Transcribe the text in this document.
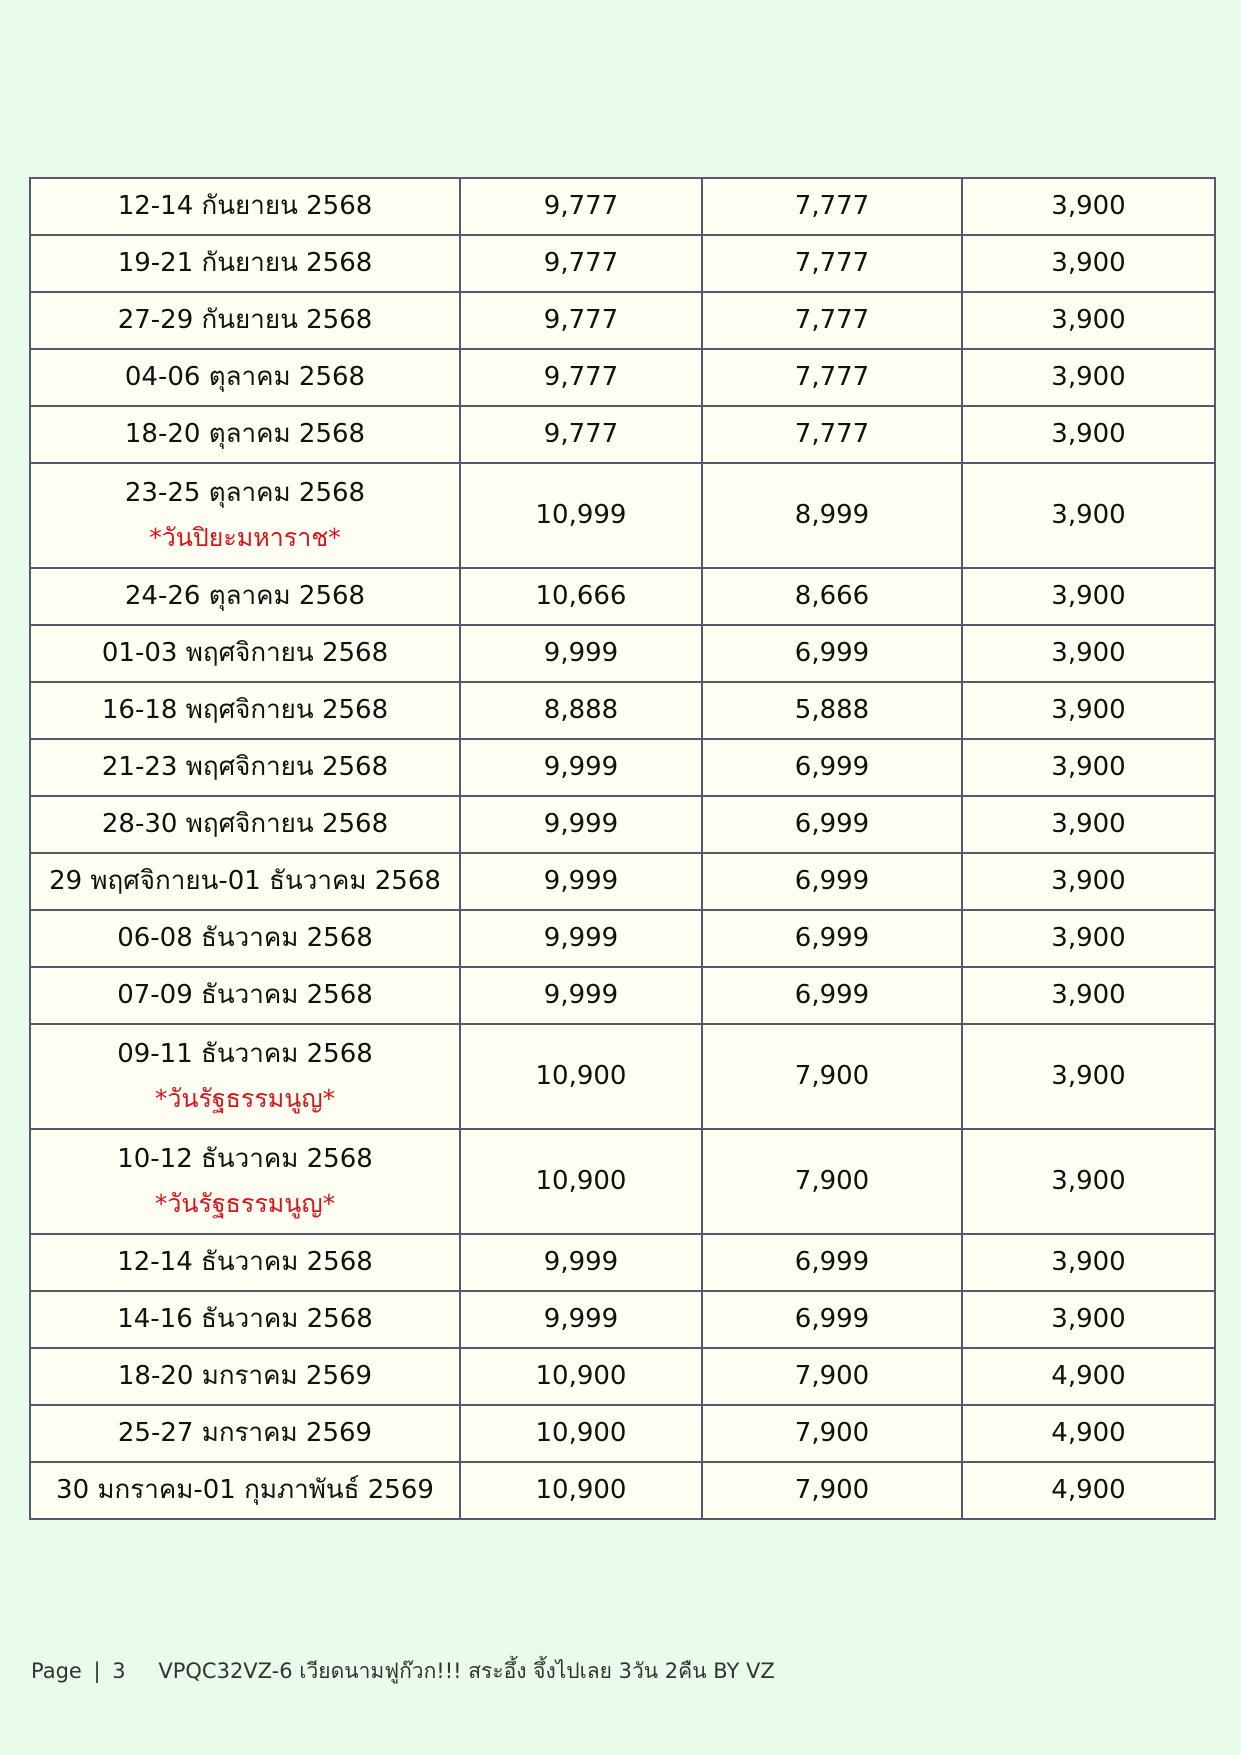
12-14 กันยายน 2568	9,777	7,777	3,900
19-21 กันยายน 2568	9,777	7,777	3,900
27-29 กันยายน 2568	9,777	7,777	3,900
04-06 ตุลาคม 2568	9,777	7,777	3,900
18-20 ตุลาคม 2568	9,777	7,777	3,900
23-25 ตุลาคม 2568
*วันปิยะมหาราช*	10,999	8,999	3,900
24-26 ตุลาคม 2568	10,666	8,666	3,900
01-03 พฤศจิกายน 2568	9,999	6,999	3,900
16-18 พฤศจิกายน 2568	8,888	5,888	3,900
21-23 พฤศจิกายน 2568	9,999	6,999	3,900
28-30 พฤศจิกายน 2568	9,999	6,999	3,900
29 พฤศจิกายน-01 ธันวาคม 2568	9,999	6,999	3,900
06-08 ธันวาคม 2568	9,999	6,999	3,900
07-09 ธันวาคม 2568	9,999	6,999	3,900
09-11 ธันวาคม 2568
*วันรัฐธรรมนูญ*	10,900	7,900	3,900
10-12 ธันวาคม 2568
*วันรัฐธรรมนูญ*	10,900	7,900	3,900
12-14 ธันวาคม 2568	9,999	6,999	3,900
14-16 ธันวาคม 2568	9,999	6,999	3,900
18-20 มกราคม 2569	10,900	7,900	4,900
25-27 มกราคม 2569	10,900	7,900	4,900
30 มกราคม-01 กุมภาพันธ์ 2569	10,900	7,900	4,900
Page | 3 VPQC32VZ-6 เวียดนามฟูก๊วก!!! สระอึ้ง จึ้งไปเลย 3วัน 2คืน BY VZ
